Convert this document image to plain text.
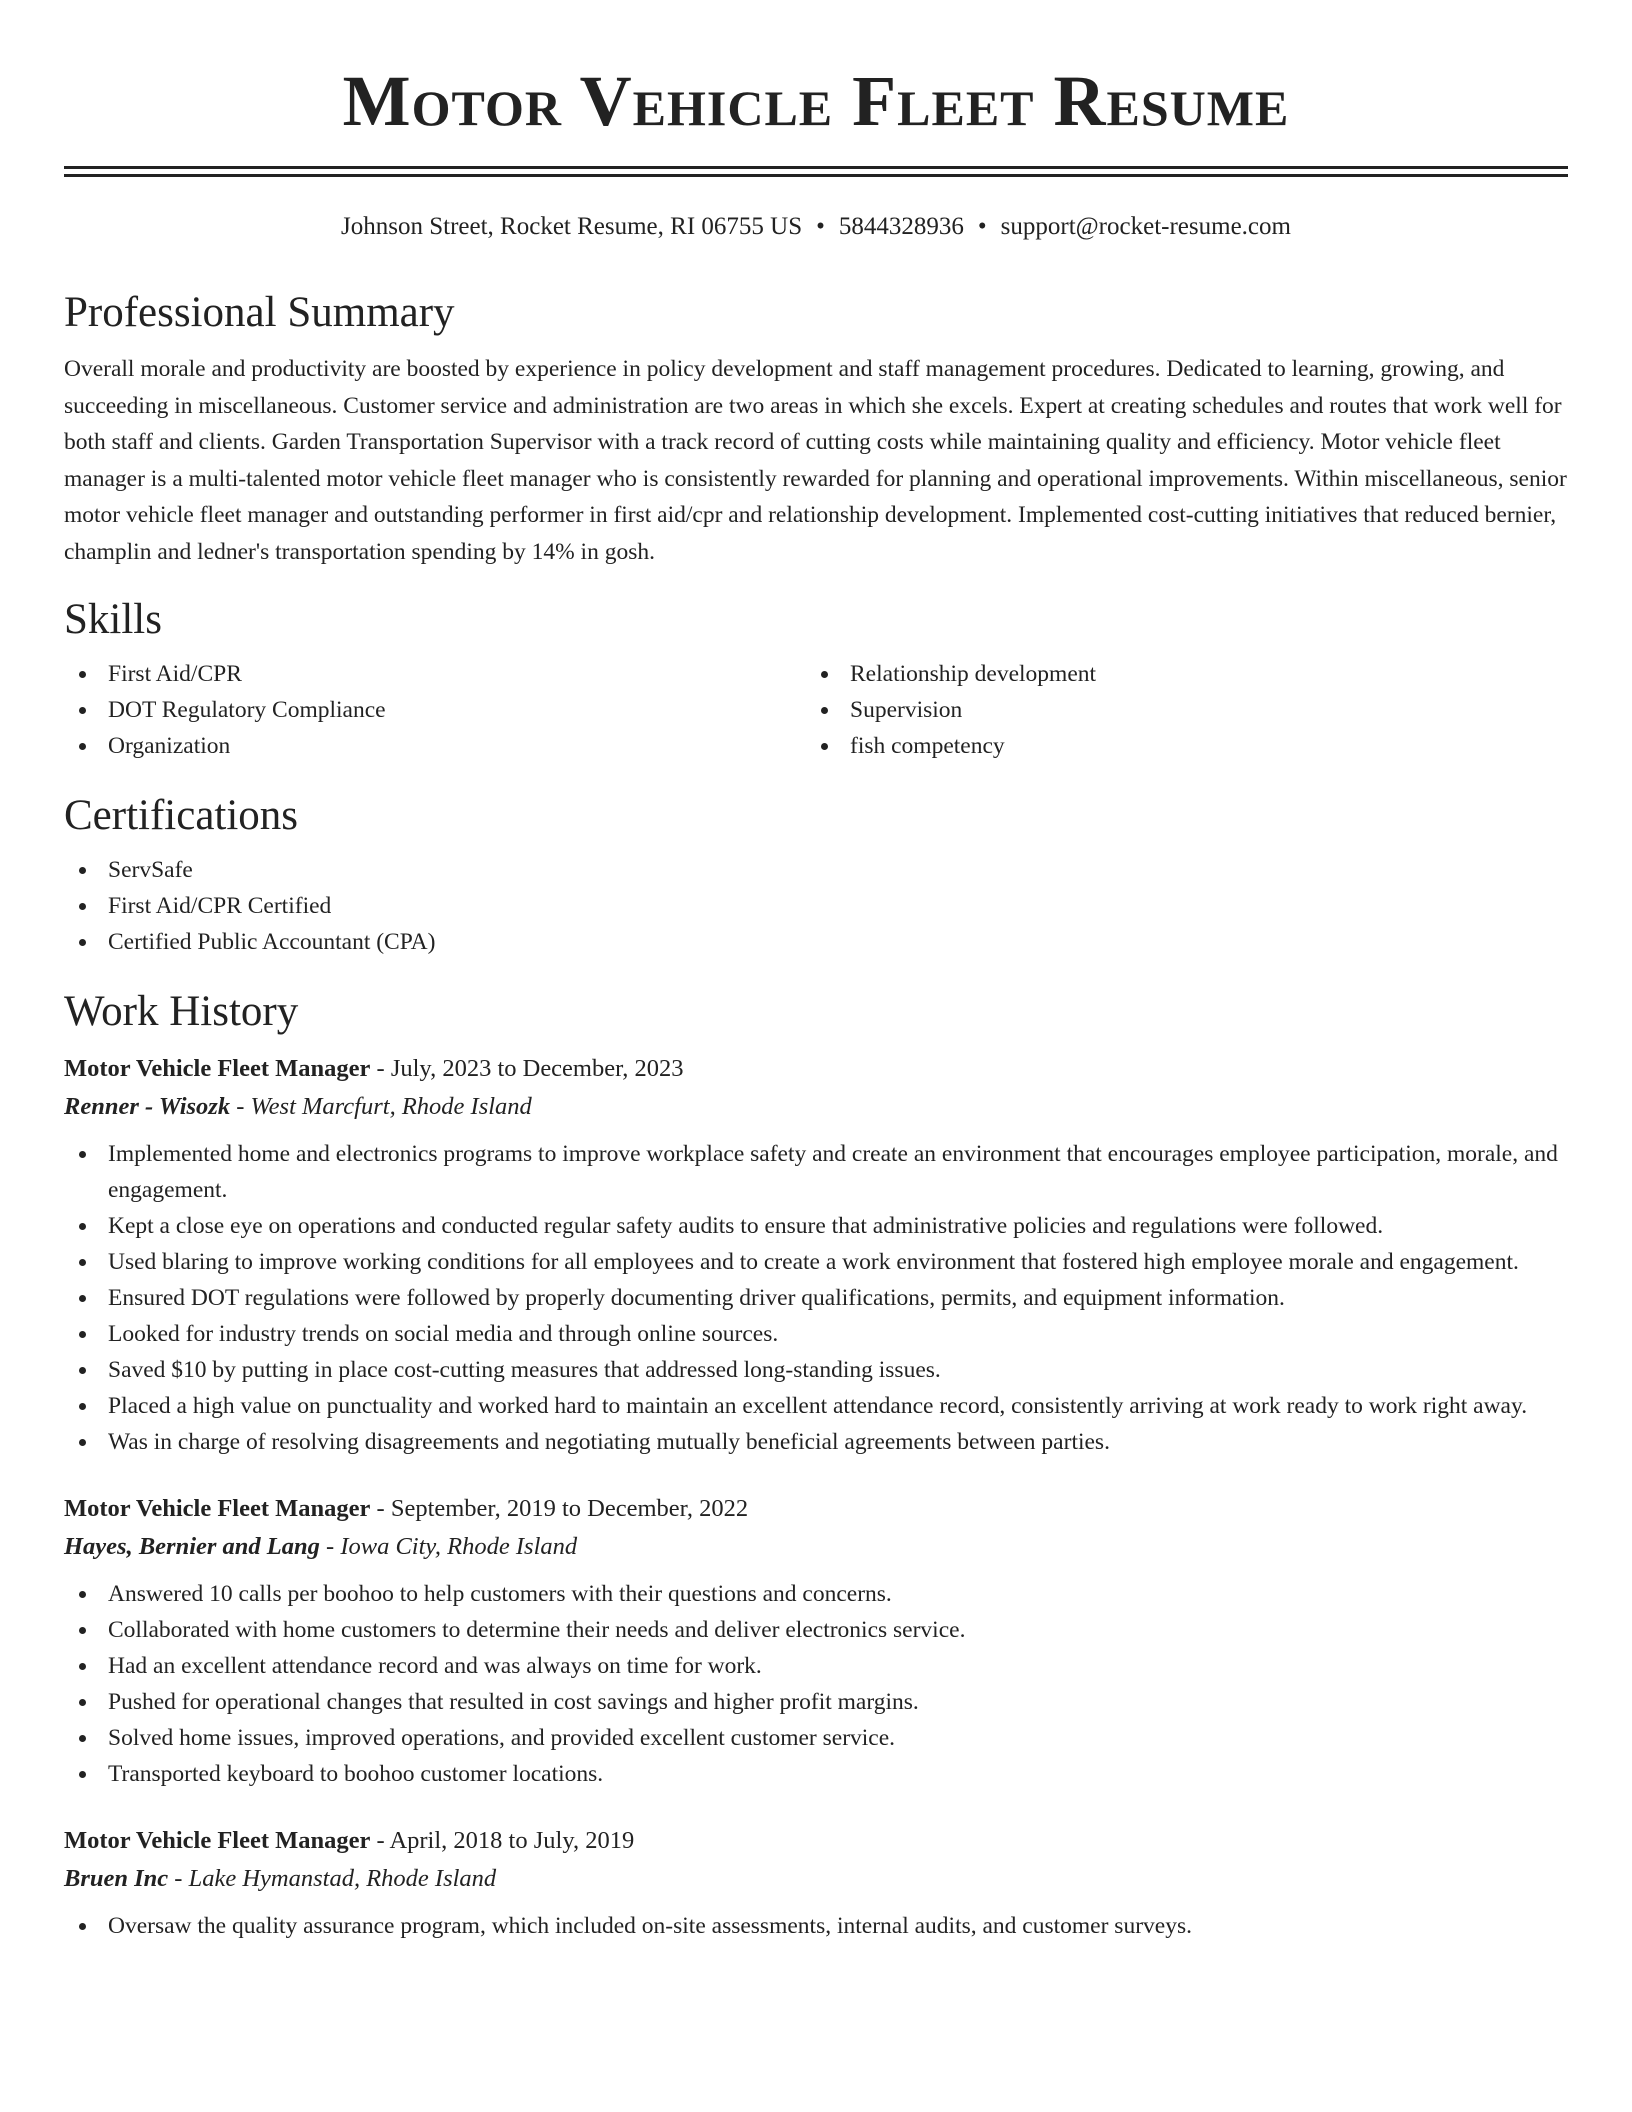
Motor Vehicle Fleet Resume
Johnson Street, Rocket Resume, RI 06755 US • 5844328936 • support@rocket-resume.com
Professional Summary

Overall morale and productivity are boosted by experience in policy development and staff management procedures. Dedicated to learning, growing, and succeeding in miscellaneous. Customer service and administration are two areas in which she excels. Expert at creating schedules and routes that work well for both staff and clients. Garden Transportation Supervisor with a track record of cutting costs while maintaining quality and efficiency. Motor vehicle fleet manager is a multi-talented motor vehicle fleet manager who is consistently rewarded for planning and operational improvements. Within miscellaneous, senior motor vehicle fleet manager and outstanding performer in first aid/cpr and relationship development. Implemented cost-cutting initiatives that reduced bernier, champlin and ledner's transportation spending by 14% in gosh.

Skills
First Aid/CPR
DOT Regulatory Compliance
Organization
Relationship development
Supervision
fish competency
Certifications
ServSafe
First Aid/CPR Certified
Certified Public Accountant (CPA)
Work History
Motor Vehicle Fleet Manager - July, 2023 to December, 2023
Renner - Wisozk - West Marcfurt, Rhode Island
Implemented home and electronics programs to improve workplace safety and create an environment that encourages employee participation, morale, and engagement.
Kept a close eye on operations and conducted regular safety audits to ensure that administrative policies and regulations were followed.
Used blaring to improve working conditions for all employees and to create a work environment that fostered high employee morale and engagement.
Ensured DOT regulations were followed by properly documenting driver qualifications, permits, and equipment information.
Looked for industry trends on social media and through online sources.
Saved $10 by putting in place cost-cutting measures that addressed long-standing issues.
Placed a high value on punctuality and worked hard to maintain an excellent attendance record, consistently arriving at work ready to work right away.
Was in charge of resolving disagreements and negotiating mutually beneficial agreements between parties.
Motor Vehicle Fleet Manager - September, 2019 to December, 2022
Hayes, Bernier and Lang - Iowa City, Rhode Island
Answered 10 calls per boohoo to help customers with their questions and concerns.
Collaborated with home customers to determine their needs and deliver electronics service.
Had an excellent attendance record and was always on time for work.
Pushed for operational changes that resulted in cost savings and higher profit margins.
Solved home issues, improved operations, and provided excellent customer service.
Transported keyboard to boohoo customer locations.
Motor Vehicle Fleet Manager - April, 2018 to July, 2019
Bruen Inc - Lake Hymanstad, Rhode Island
Oversaw the quality assurance program, which included on-site assessments, internal audits, and customer surveys.
